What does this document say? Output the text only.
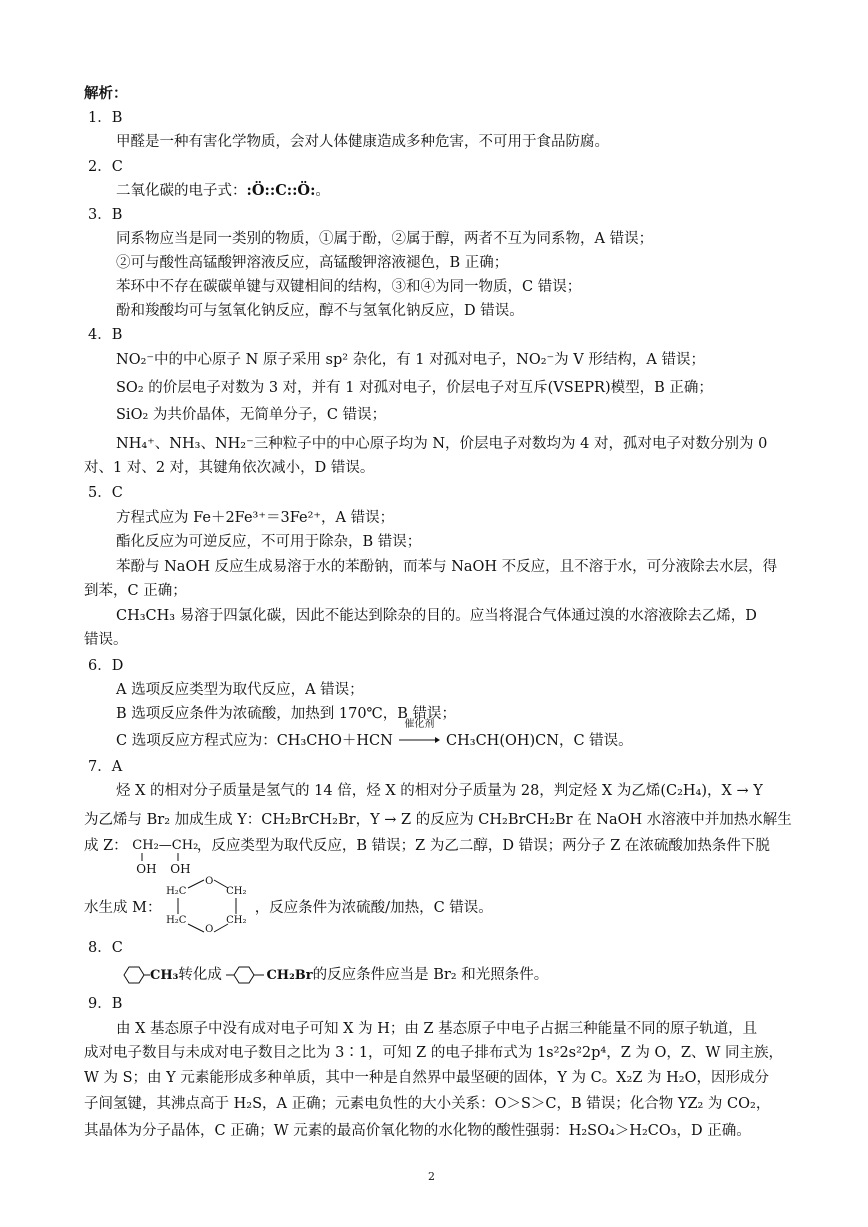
解析：
1．B
甲醛是一种有害化学物质，会对人体健康造成多种危害，不可用于食品防腐。
2．C
二氧化碳的电子式：:Ö::C::Ö:。
3．B
同系物应当是同一类别的物质，①属于酚，②属于醇，两者不互为同系物，A 错误；
②可与酸性高锰酸钾溶液反应，高锰酸钾溶液褪色，B 正确；
苯环中不存在碳碳单键与双键相间的结构，③和④为同一物质，C 错误；
酚和羧酸均可与氢氧化钠反应，醇不与氢氧化钠反应，D 错误。
4．B
NO₂⁻中的中心原子 N 原子采用 sp² 杂化，有 1 对孤对电子，NO₂⁻为 V 形结构，A 错误；
SO₂ 的价层电子对数为 3 对，并有 1 对孤对电子，价层电子对互斥(VSEPR)模型，B 正确；
SiO₂ 为共价晶体，无简单分子，C 错误；
NH₄⁺、NH₃、NH₂⁻三种粒子中的中心原子均为 N，价层电子对数均为 4 对，孤对电子对数分别为 0
对、1 对、2 对，其键角依次减小，D 错误。
5．C
方程式应为 Fe＋2Fe³⁺＝3Fe²⁺，A 错误；
酯化反应为可逆反应，不可用于除杂，B 错误；
苯酚与 NaOH 反应生成易溶于水的苯酚钠，而苯与 NaOH 不反应，且不溶于水，可分液除去水层，得
到苯，C 正确；
CH₃CH₃ 易溶于四氯化碳，因此不能达到除杂的目的。应当将混合气体通过溴的水溶液除去乙烯，D
错误。
6．D
A 选项反应类型为取代反应，A 错误；
B 选项反应条件为浓硫酸，加热到 170℃，B 错误；
C 选项反应方程式应为：CH₃CHO＋HCN
催化剂
CH₃CH(OH)CN，C 错误。
7．A
烃 X 的相对分子质量是氢气的 14 倍，烃 X 的相对分子质量为 28，判定烃 X 为乙烯(C₂H₄)，X → Y
为乙烯与 Br₂ 加成生成 Y：CH₂BrCH₂Br，Y → Z 的反应为 CH₂BrCH₂Br 在 NaOH 水溶液中并加热水解生
成 Z： CH₂—CH₂
OH OH
，反应类型为取代反应，B 错误；Z 为乙二醇，D 错误；两分子 Z 在浓硫酸加热条件下脱
水生成 M：
H₂C
O
CH₂
H₂C
O
CH₂
，反应条件为浓硫酸/加热，C 错误。
8．C
CH₃转化成	CH₂Br的反应条件应当是 Br₂ 和光照条件。
9．B
由 X 基态原子中没有成对电子可知 X 为 H；由 Z 基态原子中电子占据三种能量不同的原子轨道，且
成对电子数目与未成对电子数目之比为 3∶1，可知 Z 的电子排布式为 1s²2s²2p⁴，Z 为 O，Z、W 同主族，
W 为 S；由 Y 元素能形成多种单质，其中一种是自然界中最坚硬的固体，Y 为 C。X₂Z 为 H₂O，因形成分
子间氢键，其沸点高于 H₂S，A 正确；元素电负性的大小关系：O＞S＞C，B 错误；化合物 YZ₂ 为 CO₂，
其晶体为分子晶体，C 正确；W 元素的最高价氧化物的水化物的酸性强弱：H₂SO₄＞H₂CO₃，D 正确。
2
